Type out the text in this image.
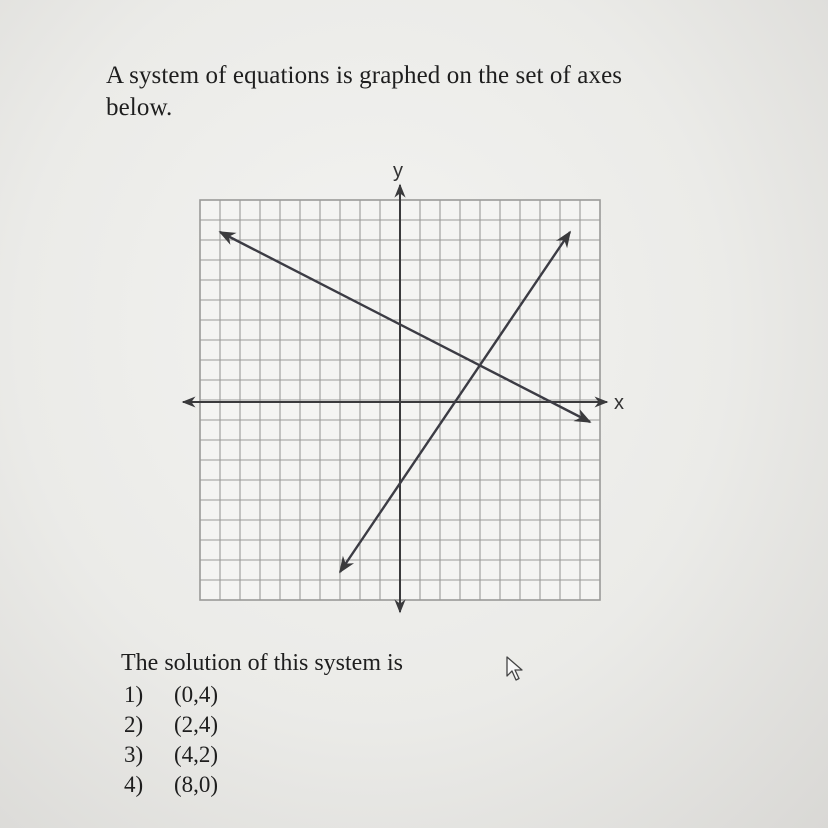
A system of equations is graphed on the set of axes
below.
x
y
The solution of this system is
1)	(0,4)
2)	(2,4)
3)	(4,2)
4)	(8,0)
